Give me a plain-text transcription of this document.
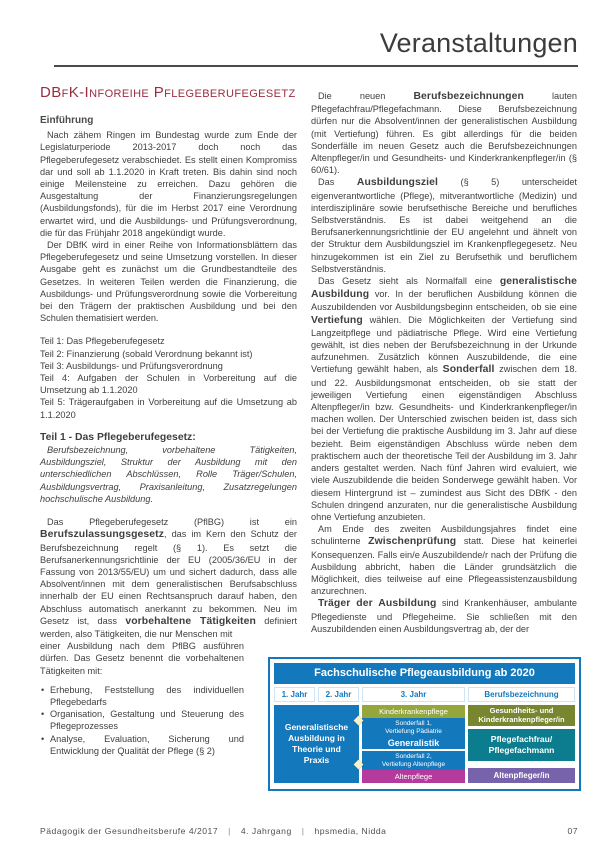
Veranstaltungen
DBfK-Inforeihe Pflegeberufegesetz
Einführung

Nach zähem Ringen im Bundestag wurde zum Ende der Legislaturperiode 2013-2017 doch noch das Pflegeberufegesetz verabschiedet. Es stellt einen Kompromiss dar und soll ab 1.1.2020 in Kraft treten. Bis dahin sind noch einige Meilensteine zu erreichen. Dazu gehören die Ausgestaltung der Finanzierungsregelungen (Ausbildungsfonds), für die im Herbst 2017 eine Verordnung erwartet wird, und die Ausbildungs- und Prüfungsverordnung, die für das Frühjahr 2018 angekündigt wurde.

Der DBfK wird in einer Reihe von Informationsblättern das Pflegeberufegesetz und seine Umsetzung vorstellen. In dieser Ausgabe geht es zunächst um die Grundbestandteile des Gesetzes. In weiteren Teilen werden die Finanzierung, die Ausbildungs- und Prüfungsverordnung sowie die Vorbereitung bei den Trägern der praktischen Ausbildung und bei den Schulen thematisiert werden.

Teil 1: Das Pflegeberufegesetz
Teil 2: Finanzierung (sobald Verordnung bekannt ist)
Teil 3: Ausbildungs- und Prüfungsverordnung
Teil 4: Aufgaben der Schulen in Vorbereitung auf die Umsetzung ab 1.1.2020
Teil 5: Trägeraufgaben in Vorbereitung auf die Umsetzung ab 1.1.2020
Teil 1 - Das Pflegeberufegesetz:

Berufsbezeichnung, vorbehaltene Tätigkeiten, Ausbildungsziel, Struktur der Ausbildung mit den unterschiedlichen Abschlüssen, Rolle Träger/Schulen, Ausbildungsvertrag, Praxisanleitung, Zusatzregelungen hochschulische Ausbildung.

Das Pflegeberufegesetz (PflBG) ist ein Berufszulassungsgesetz, das im Kern den Schutz der Berufsbezeichnung regelt (§ 1). Es setzt die Berufsanerkennungsrichtlinie der EU (2005/36/EU in der Fassung von 2013/55/EU) um und sichert dadurch, dass alle Absolvent/innen mit dem generalistischen Berufsabschluss innerhalb der EU einen Rechtsanspruch darauf haben, den Abschluss automatisch anerkannt zu bekommen. Neu im Gesetz ist, dass vorbehaltene Tätigkeiten definiert werden, also Tätigkeiten, die nur Menschen mit

einer Ausbildung nach dem PflBG ausführen dürfen. Das Gesetz benennt die vorbehaltenen Tätigkeiten mit:

• Erhebung, Feststellung des individuellen Pflegebedarfs
• Organisation, Gestaltung und Steuerung des Pflegeprozesses
• Analyse, Evaluation, Sicherung und Entwicklung der Qualität der Pflege (§ 2)

Die neuen Berufsbezeichnungen lauten Pflegefachfrau/Pflegefachmann. Diese Berufsbezeichnung dürfen nur die Absolvent/innen der generalistischen Ausbildung (mit Vertiefung) führen. Es gibt allerdings für die beiden Sonderfälle im neuen Gesetz auch die Berufsbezeichnungen Altenpfleger/in und Gesundheits- und Kinderkrankenpfleger/in (§ 60/61).

Das Ausbildungsziel (§ 5) unterscheidet eigenverantwortliche (Pflege), mitverantwortliche (Medizin) und interdisziplinäre sowie berufsethische Bereiche und berufliches Selbstverständnis. Es ist dabei weitgehend an die Berufsanerkennungsrichtlinie der EU angelehnt und ähnelt von der Struktur dem Ausbildungsziel im Krankenpflegegesetz. Neu hinzugekommen ist ein Ziel zu Berufsethik und beruflichem Selbstverständnis.

Das Gesetz sieht als Normalfall eine generalistische Ausbildung vor. In der beruflichen Ausbildung können die Auszubildenden vor Ausbildungsbeginn entscheiden, ob sie eine Vertiefung wählen. Die Möglichkeiten der Vertiefung sind Langzeitpflege und pädiatrische Pflege. Wird eine Vertiefung gewählt, ist dies neben der Berufsbezeichnung in der Urkunde aufzunehmen. Zusätzlich können Auszubildende, die eine Vertiefung gewählt haben, als Sonderfall zwischen dem 18. und 22. Ausbildungsmonat entscheiden, ob sie statt der jeweiligen Vertiefung einen eigenständigen Abschluss Altenpfleger/in bzw. Gesundheits- und Kinderkrankenpfleger/in machen wollen. Der Unterschied zwischen beiden ist, dass sich bei der Vertiefung die praktische Ausbildung im 3. Jahr auf diese bezieht. Beim eigenständigen Abschluss würde neben dem praktischem auch der theoretische Teil der Ausbildung im 3. Jahr anders gestaltet werden. Nach fünf Jahren wird evaluiert, wie viele Auszubildende die beiden Sonderwege gewählt haben. Vor diesem Hintergrund ist – zumindest aus Sicht des DBfK - den Schulen dringend anzuraten, nur die generalistische Ausbildung ohne Vertiefung anzubieten.

Am Ende des zweiten Ausbildungsjahres findet eine schulinterne Zwischenprüfung statt. Diese hat keinerlei Konsequenzen. Falls ein/e Auszubildende/r nach der Prüfung die Ausbildung abbricht, haben die Länder grundsätzlich die Möglichkeit, dies teilweise auf eine Pflegeassistenzausbildung anzurechnen.

Träger der Ausbildung sind Krankenhäuser, ambulante Pflegedienste und Pflegeheime. Sie schließen mit den Auszubildenden einen Ausbildungsvertrag ab, der der

Fachschulische Pflegeausbildung ab 2020
1. Jahr	2. Jahr	3. Jahr	Berufsbezeichnung
Generalistische Ausbildung in Theorie und Praxis
Kinderkrankenpflege
Sonderfall 1,
Vertiefung Pädiatrie
Generalistik
Sonderfall 2,
Vertiefung Altenpflege
Altenpflege
Gesundheits- und Kinderkrankenpfleger/in
Pflegefachfrau/ Pflegefachmann
Altenpfleger/in
Pädagogik der Gesundheitsberufe 4/2017 | 4. Jahrgang | hpsmedia, Nidda	07
